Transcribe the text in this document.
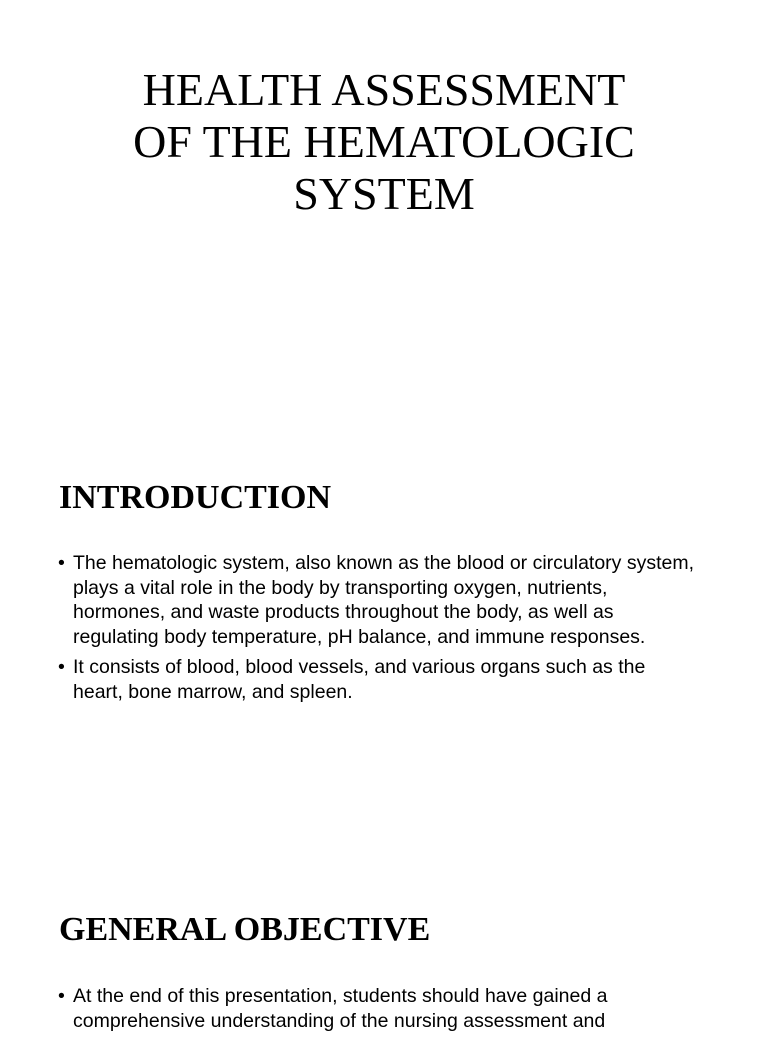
HEALTH ASSESSMENT
OF THE HEMATOLOGIC
SYSTEM
INTRODUCTION
• The hematologic system, also known as the blood or circulatory system, plays a vital role in the body by transporting oxygen, nutrients, hormones, and waste products throughout the body, as well as regulating body temperature, pH balance, and immune responses.
• It consists of blood, blood vessels, and various organs such as the heart, bone marrow, and spleen.
GENERAL OBJECTIVE
• At the end of this presentation, students should have gained a comprehensive understanding of the nursing assessment and
